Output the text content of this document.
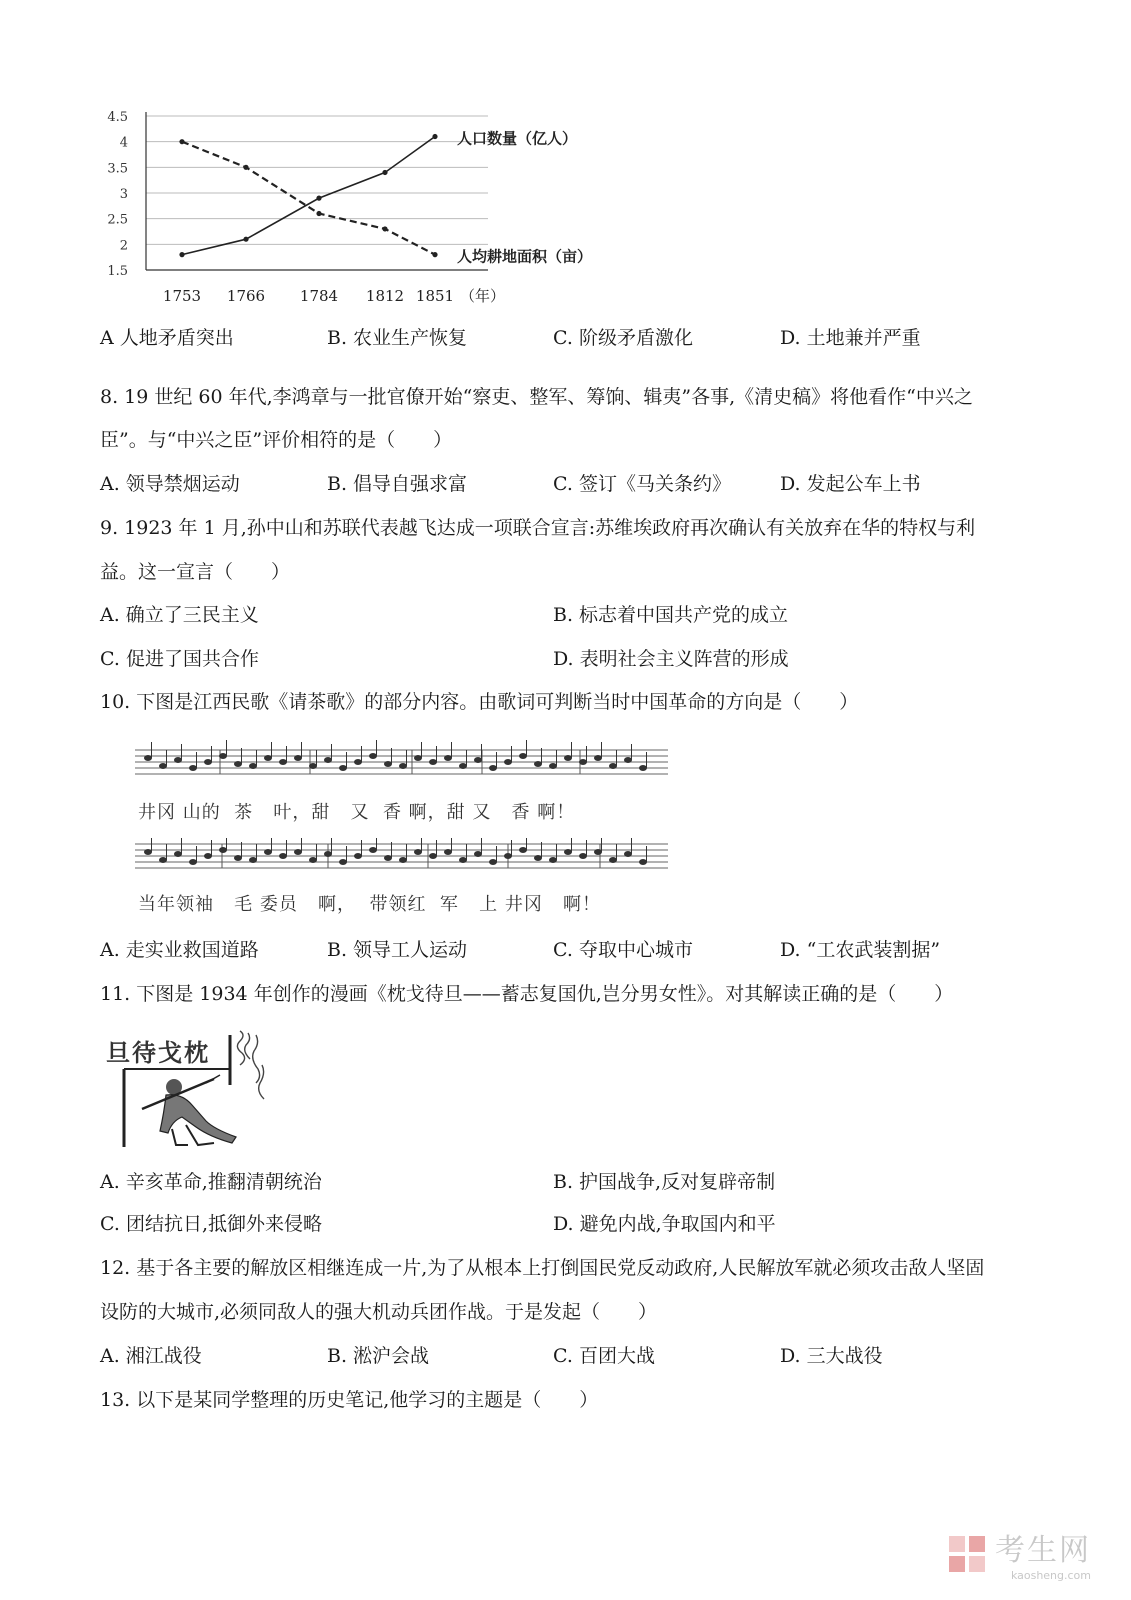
4.5
4
3.5
3
2.5
2
1.5
1753 1766 1784 1812 1851 （年）
人口数量（亿人）
人均耕地面积（亩）
A 人地矛盾突出	B. 农业生产恢复	C. 阶级矛盾激化	D. 土地兼并严重
8. 19 世纪 60 年代,李鸿章与一批官僚开始“察吏、整军、筹饷、辑夷”各事,《清史稿》将他看作“中兴之
臣”。与“中兴之臣”评价相符的是（　　）
A. 领导禁烟运动	B. 倡导自强求富	C. 签订《马关条约》	D. 发起公车上书
9. 1923 年 1 月,孙中山和苏联代表越飞达成一项联合宣言:苏维埃政府再次确认有关放弃在华的特权与利
益。这一宣言（　　）
A. 确立了三民主义	B. 标志着中国共产党的成立
C. 促进了国共合作	D. 表明社会主义阵营的形成
10. 下图是江西民歌《请茶歌》的部分内容。由歌词可判断当时中国革命的方向是（　　）
井冈 山的  茶   叶，甜   又  香 啊，甜 又   香 啊！
当年领袖   毛 委员   啊，  带领红  军   上 井冈   啊！
A. 走实业救国道路	B. 领导工人运动	C. 夺取中心城市	D. “工农武装割据”
11. 下图是 1934 年创作的漫画《枕戈待旦——蓄志复国仇,岂分男女性》。对其解读正确的是（　　）
旦待戈枕
A. 辛亥革命,推翻清朝统治	B. 护国战争,反对复辟帝制
C. 团结抗日,抵御外来侵略	D. 避免内战,争取国内和平
12. 基于各主要的解放区相继连成一片,为了从根本上打倒国民党反动政府,人民解放军就必须攻击敌人坚固
设防的大城市,必须同敌人的强大机动兵团作战。于是发起（　　）
A. 湘江战役	B. 淞沪会战	C. 百团大战	D. 三大战役
13. 以下是某同学整理的历史笔记,他学习的主题是（　　）
考生网
kaosheng.com
